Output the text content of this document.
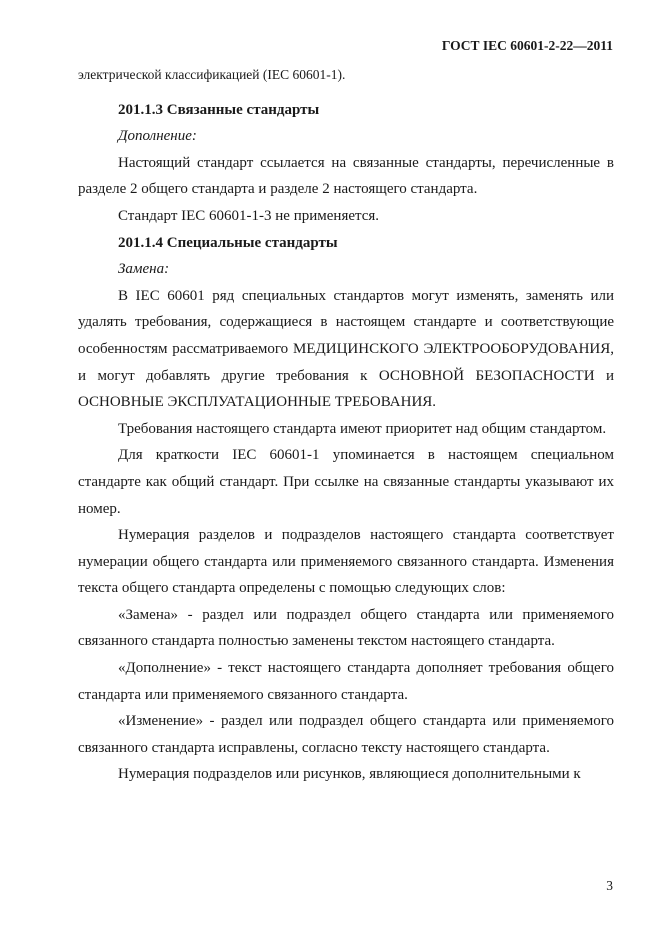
ГОСТ IEC 60601-2-22—2011

электрической классификацией (IEC 60601-1).

201.1.3 Связанные стандарты

Дополнение:

Настоящий стандарт ссылается на связанные стандарты, перечисленные в разделе 2 общего стандарта и разделе 2 настоящего стандарта.

Стандарт IEC 60601-1-3 не применяется.

201.1.4 Специальные стандарты

Замена:

В IEC 60601 ряд специальных стандартов могут изменять, заменять или удалять требования, содержащиеся в настоящем стандарте и соответствующие особенностям рассматриваемого МЕДИЦИНСКОГО ЭЛЕКТРООБОРУДОВАНИЯ, и могут добавлять другие требования к ОСНОВНОЙ БЕЗОПАСНОСТИ и ОСНОВНЫЕ ЭКСПЛУАТАЦИОННЫЕ ТРЕБОВАНИЯ.

Требования настоящего стандарта имеют приоритет над общим стандартом.

Для краткости IEC 60601-1 упоминается в настоящем специальном стандарте как общий стандарт. При ссылке на связанные стандарты указывают их номер.

Нумерация разделов и подразделов настоящего стандарта соответствует нумерации общего стандарта или применяемого связанного стандарта. Изменения текста общего стандарта определены с помощью следующих слов:

«Замена» - раздел или подраздел общего стандарта или применяемого связанного стандарта полностью заменены текстом настоящего стандарта.

«Дополнение» - текст настоящего стандарта дополняет требования общего стандарта или применяемого связанного стандарта.

«Изменение» - раздел или подраздел общего стандарта или применяемого связанного стандарта исправлены, согласно тексту настоящего стандарта.

Нумерация подразделов или рисунков, являющиеся дополнительными к

3
